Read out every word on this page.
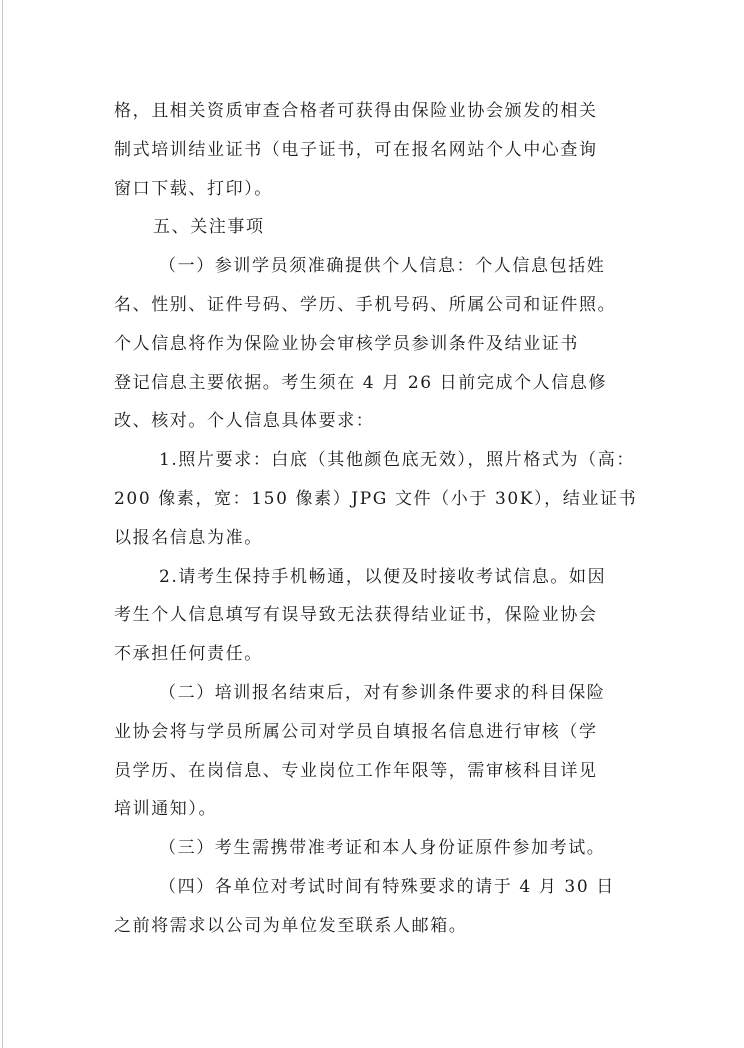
格，且相关资质审查合格者可获得由保险业协会颁发的相关
制式培训结业证书（电子证书，可在报名网站个人中心查询
窗口下载、打印）。
五、关注事项
（一）参训学员须准确提供个人信息：个人信息包括姓
名、性别、证件号码、学历、手机号码、所属公司和证件照。
个人信息将作为保险业协会审核学员参训条件及结业证书
登记信息主要依据。考生须在 4 月 26 日前完成个人信息修
改、核对。个人信息具体要求：
1.照片要求：白底（其他颜色底无效），照片格式为（高：
200 像素，宽：150 像素）JPG 文件（小于 30K），结业证书
以报名信息为准。
2.请考生保持手机畅通，以便及时接收考试信息。如因
考生个人信息填写有误导致无法获得结业证书，保险业协会
不承担任何责任。
（二）培训报名结束后，对有参训条件要求的科目保险
业协会将与学员所属公司对学员自填报名信息进行审核（学
员学历、在岗信息、专业岗位工作年限等，需审核科目详见
培训通知）。
（三）考生需携带准考证和本人身份证原件参加考试。
（四）各单位对考试时间有特殊要求的请于 4 月 30 日
之前将需求以公司为单位发至联系人邮箱。
